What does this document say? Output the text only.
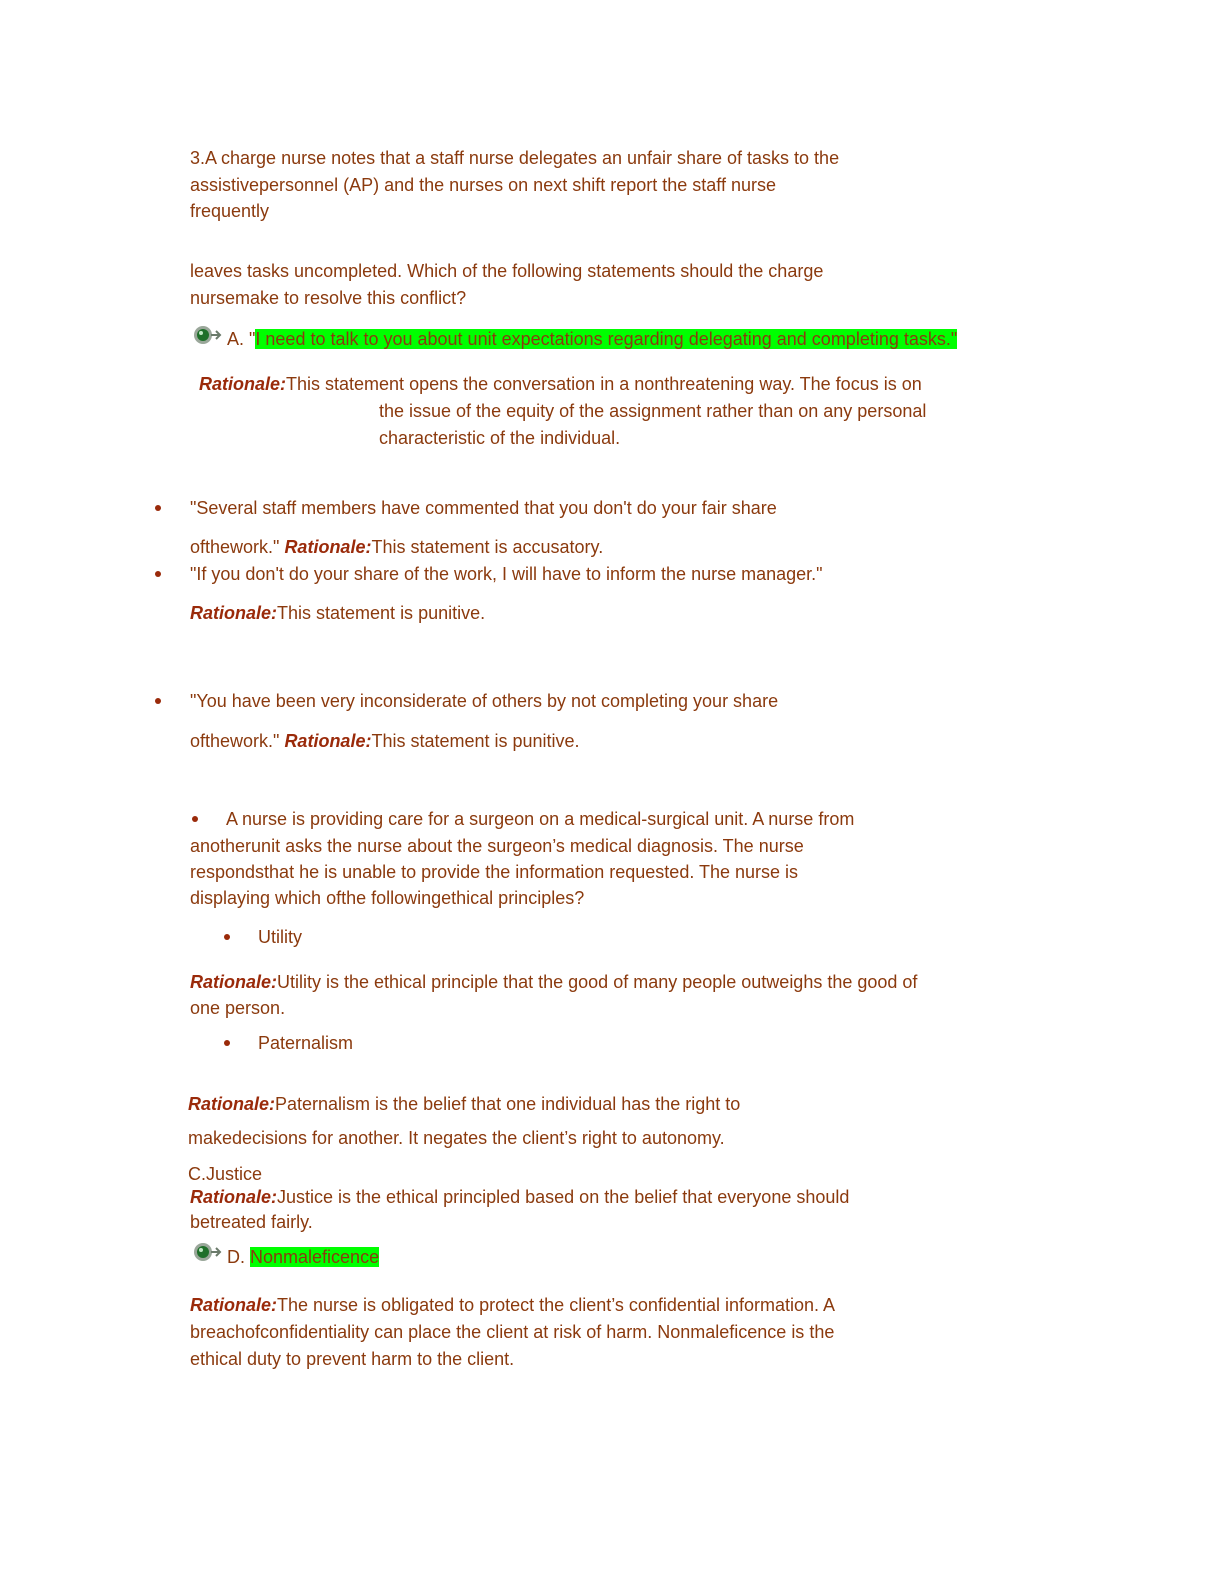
3.A charge nurse notes that a staff nurse delegates an unfair share of tasks to the
assistivepersonnel (AP) and the nurses on next shift report the staff nurse
frequently
leaves tasks uncompleted. Which of the following statements should the charge
nursemake to resolve this conflict?
A. "I need to talk to you about unit expectations regarding delegating and completing tasks."
Rationale:This statement opens the conversation in a nonthreatening way. The focus is on
the issue of the equity of the assignment rather than on any personal
characteristic of the individual.
"Several staff members have commented that you don't do your fair share
ofthework." Rationale:This statement is accusatory.
"If you don't do your share of the work, I will have to inform the nurse manager."
Rationale:This statement is punitive.
"You have been very inconsiderate of others by not completing your share
ofthework." Rationale:This statement is punitive.
A nurse is providing care for a surgeon on a medical-surgical unit. A nurse from
anotherunit asks the nurse about the surgeon’s medical diagnosis. The nurse
respondsthat he is unable to provide the information requested. The nurse is
displaying which ofthe followingethical principles?
Utility
Rationale:Utility is the ethical principle that the good of many people outweighs the good of
one person.
Paternalism
Rationale:Paternalism is the belief that one individual has the right to
makedecisions for another. It negates the client’s right to autonomy.
C.Justice
Rationale:Justice is the ethical principled based on the belief that everyone should
betreated fairly.
D. Nonmaleficence
Rationale:The nurse is obligated to protect the client’s confidential information. A
breachofconfidentiality can place the client at risk of harm. Nonmaleficence is the
ethical duty to prevent harm to the client.
